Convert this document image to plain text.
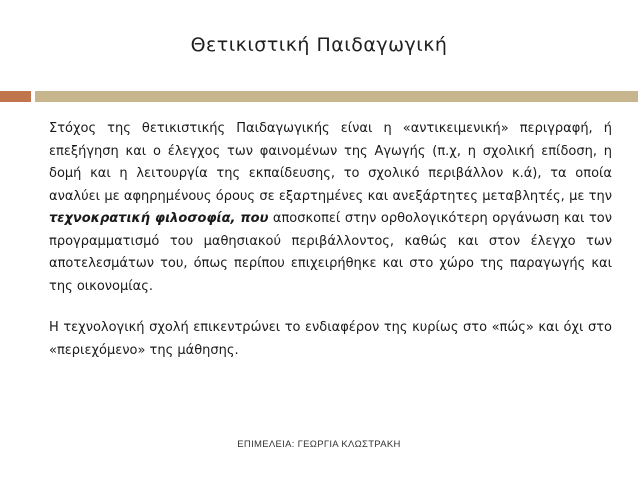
Θετικιστική Παιδαγωγική

Στόχος της θετικιστικής Παιδαγωγικής είναι η «αντικειμενική» περιγραφή, ή επεξήγηση και ο έλεγχος των φαινομένων της Αγωγής (π.χ, η σχολική επίδοση, η δομή και η λειτουργία της εκπαίδευσης, το σχολικό περιβάλλον κ.ά), τα οποία αναλύει με αφηρημένους όρους σε εξαρτημένες και ανεξάρτητες μεταβλητές, με την τεχνοκρατική φιλοσοφία, που αποσκοπεί στην ορθολογικότερη οργάνωση και τον προγραμματισμό του μαθησιακού περιβάλλοντος, καθώς και στον έλεγχο των αποτελεσμάτων του, όπως περίπου επιχειρήθηκε και στο χώρο της παραγωγής και της οικονομίας.

Η τεχνολογική σχολή επικεντρώνει το ενδιαφέρον της κυρίως στο «πώς» και όχι στο «περιεχόμενο» της μάθησης.

ΕΠΙΜΕΛΕΙΑ: ΓΕΩΡΓΙΑ ΚΛΩΣΤΡΑΚΗ
